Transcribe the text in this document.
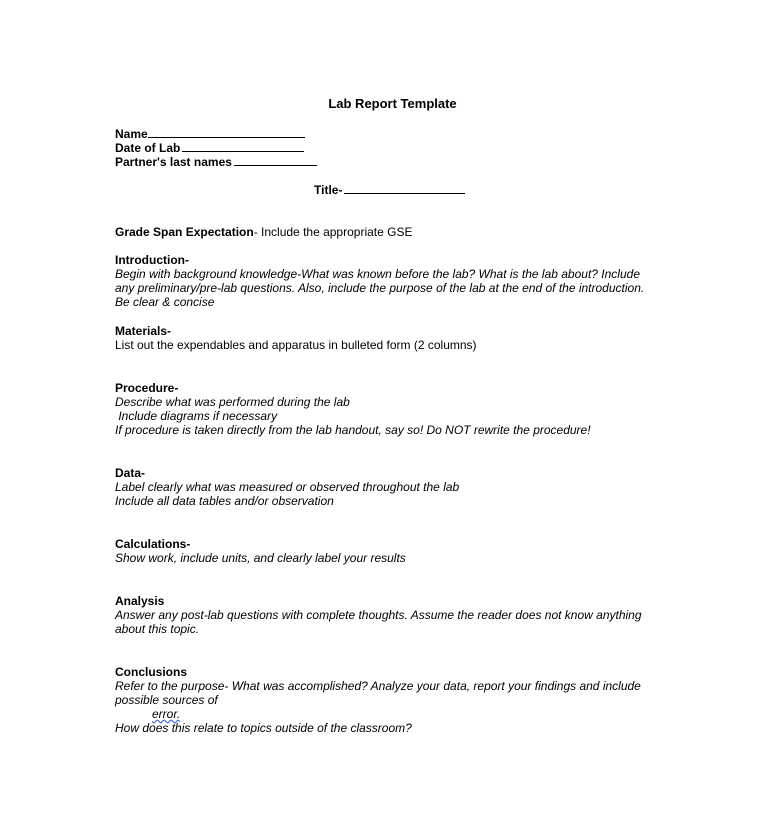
Lab Report Template
Name
Date of Lab
Partner's last names
Title-
Grade Span Expectation- Include the appropriate GSE
Introduction-
Begin with background knowledge-What was known before the lab? What is the lab about? Include
any preliminary/pre-lab questions. Also, include the purpose of the lab at the end of the introduction.
Be clear & concise
Materials-
List out the expendables and apparatus in bulleted form (2 columns)
Procedure-
Describe what was performed during the lab
Include diagrams if necessary
If procedure is taken directly from the lab handout, say so! Do NOT rewrite the procedure!
Data-
Label clearly what was measured or observed throughout the lab
Include all data tables and/or observation
Calculations-
Show work, include units, and clearly label your results
Analysis
Answer any post-lab questions with complete thoughts. Assume the reader does not know anything
about this topic.
Conclusions
Refer to the purpose- What was accomplished? Analyze your data, report your findings and include
possible sources of
error.
How does this relate to topics outside of the classroom?
